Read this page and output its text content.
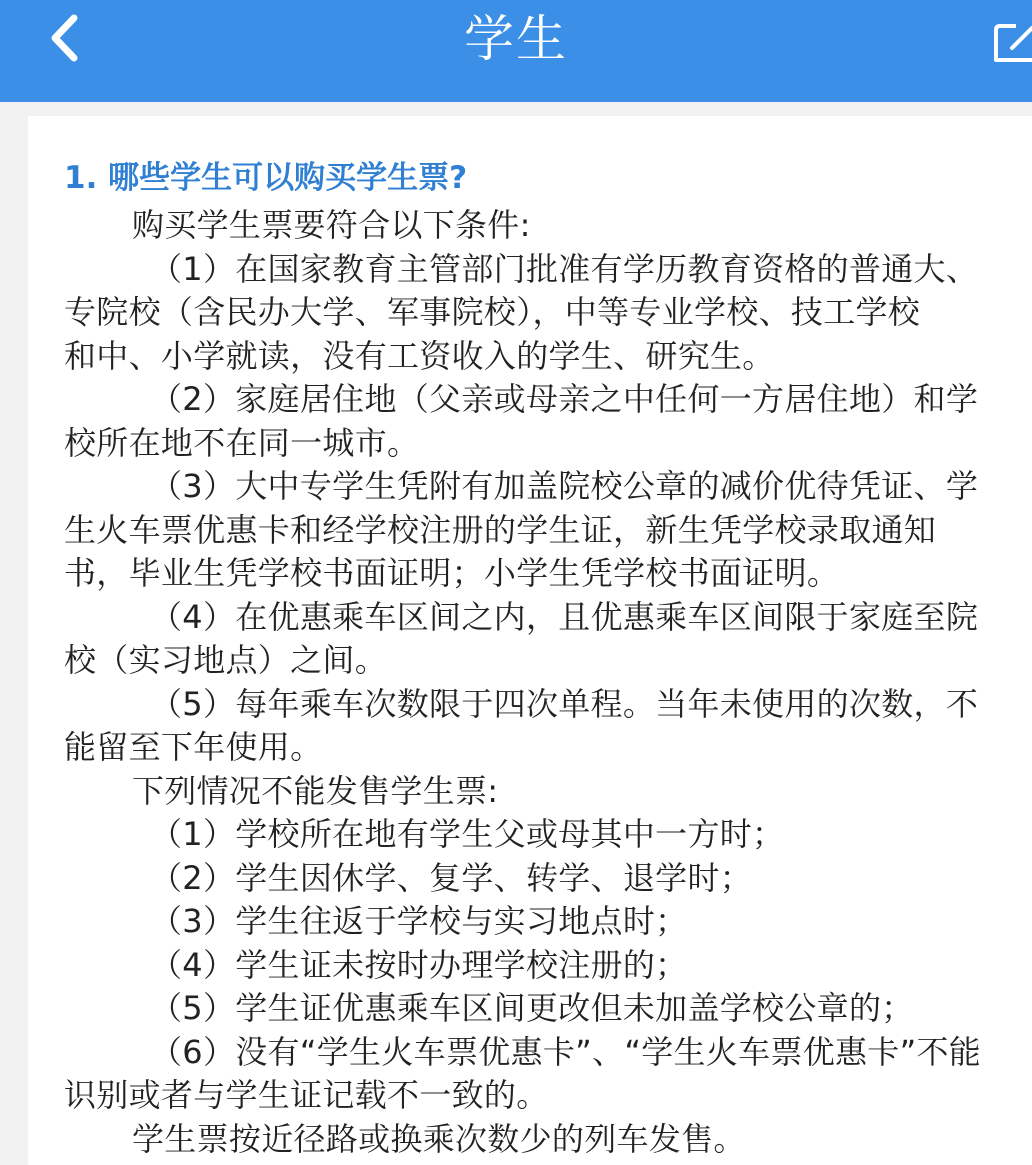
学生

1. 哪些学生可以购买学生票?

购买学生票要符合以下条件:

（1）在国家教育主管部门批准有学历教育资格的普通大、

专院校（含民办大学、军事院校），中等专业学校、技工学校

和中、小学就读，没有工资收入的学生、研究生。

（2）家庭居住地（父亲或母亲之中任何一方居住地）和学

校所在地不在同一城市。

（3）大中专学生凭附有加盖院校公章的减价优待凭证、学

生火车票优惠卡和经学校注册的学生证，新生凭学校录取通知

书，毕业生凭学校书面证明；小学生凭学校书面证明。

（4）在优惠乘车区间之内，且优惠乘车区间限于家庭至院

校（实习地点）之间。

（5）每年乘车次数限于四次单程。当年未使用的次数，不

能留至下年使用。

下列情况不能发售学生票:

（1）学校所在地有学生父或母其中一方时；

（2）学生因休学、复学、转学、退学时；

（3）学生往返于学校与实习地点时；

（4）学生证未按时办理学校注册的；

（5）学生证优惠乘车区间更改但未加盖学校公章的；

（6）没有“学生火车票优惠卡”、“学生火车票优惠卡”不能

识别或者与学生证记载不一致的。

学生票按近径路或换乘次数少的列车发售。
